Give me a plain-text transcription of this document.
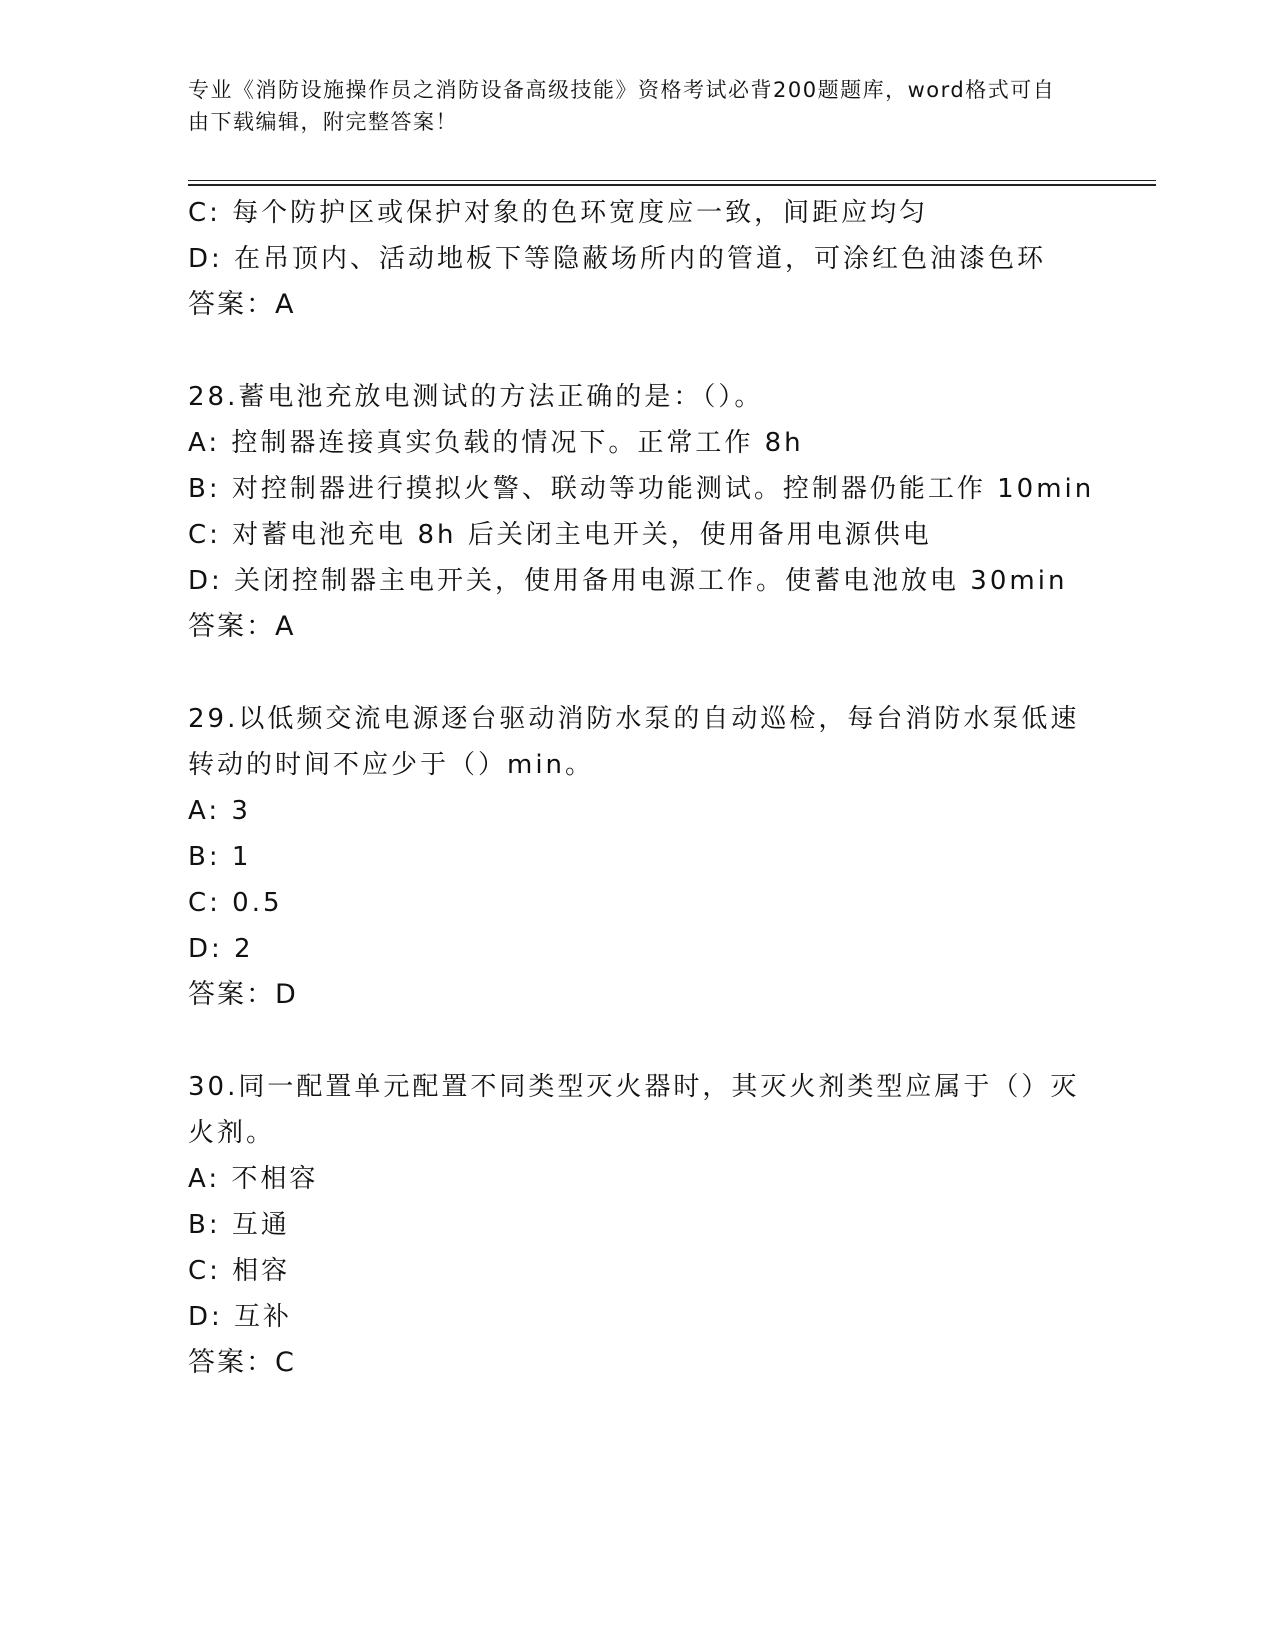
专业《消防设施操作员之消防设备高级技能》资格考试必背200题题库，word格式可自由下载编辑，附完整答案！
C: 每个防护区或保护对象的色环宽度应一致，间距应均匀
D: 在吊顶内、活动地板下等隐蔽场所内的管道，可涂红色油漆色环
答案：A
28.蓄电池充放电测试的方法正确的是：（）。
A: 控制器连接真实负载的情况下。正常工作 8h
B: 对控制器进行摸拟火警、联动等功能测试。控制器仍能工作 10min
C: 对蓄电池充电 8h 后关闭主电开关，使用备用电源供电
D: 关闭控制器主电开关，使用备用电源工作。使蓄电池放电 30min
答案：A
29.以低频交流电源逐台驱动消防水泵的自动巡检，每台消防水泵低速转动的时间不应少于（）min。
A: 3
B: 1
C: 0.5
D: 2
答案：D
30.同一配置单元配置不同类型灭火器时，其灭火剂类型应属于（）灭火剂。
A: 不相容
B: 互通
C: 相容
D: 互补
答案：C
